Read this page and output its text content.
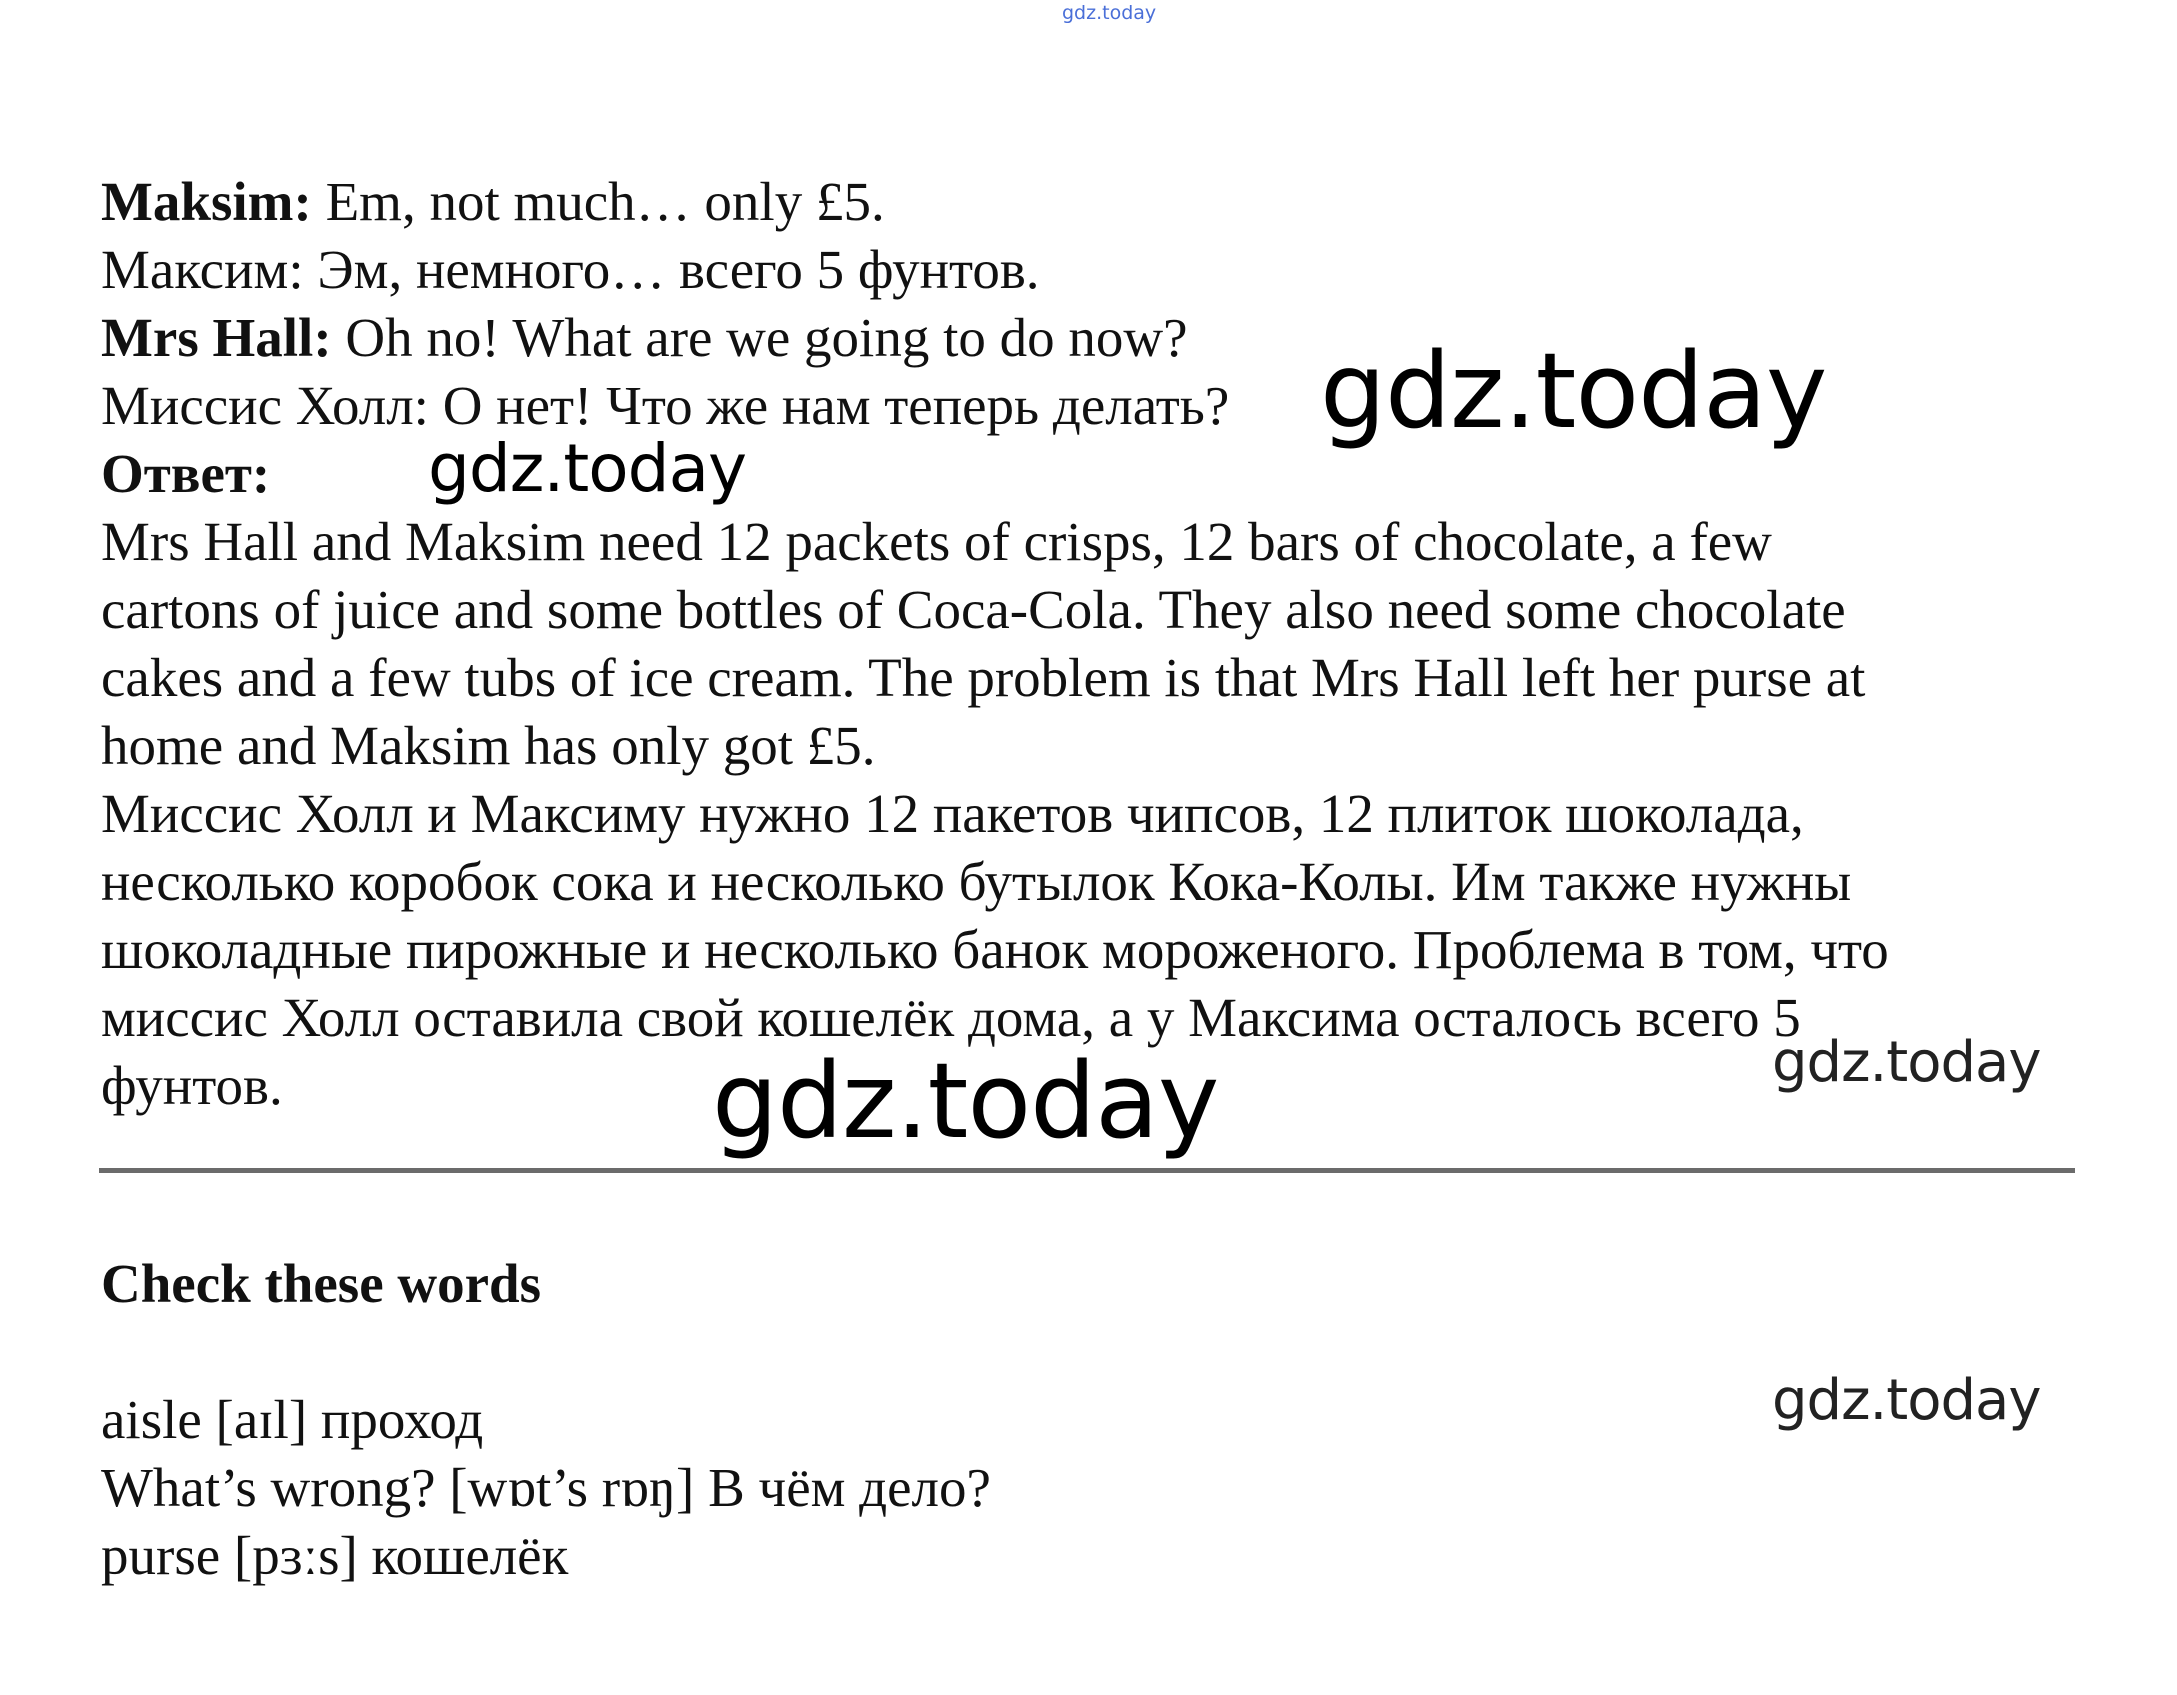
gdz.today
Maksim: Em, not much… only £5.
Максим: Эм, немного… всего 5 фунтов.
Mrs Hall: Oh no! What are we going to do now?
Миссис Холл: О нет! Что же нам теперь делать?
Ответ:
Mrs Hall and Maksim need 12 packets of crisps, 12 bars of chocolate, a few
cartons of juice and some bottles of Coca-Cola. They also need some chocolate
cakes and a few tubs of ice cream. The problem is that Mrs Hall left her purse at
home and Maksim has only got £5.
Миссис Холл и Максиму нужно 12 пакетов чипсов, 12 плиток шоколада,
несколько коробок сока и несколько бутылок Кока-Колы. Им также нужны
шоколадные пирожные и несколько банок мороженого. Проблема в том, что
миссис Холл оставила свой кошелёк дома, а у Максима осталось всего 5
фунтов.
Check these words
aisle [aɪl] проход
What’s wrong? [wɒt’s rɒŋ] В чём дело?
purse [pɜːs] кошелёк
gdz.today
gdz.today
gdz.today	gdz.today
gdz.today
